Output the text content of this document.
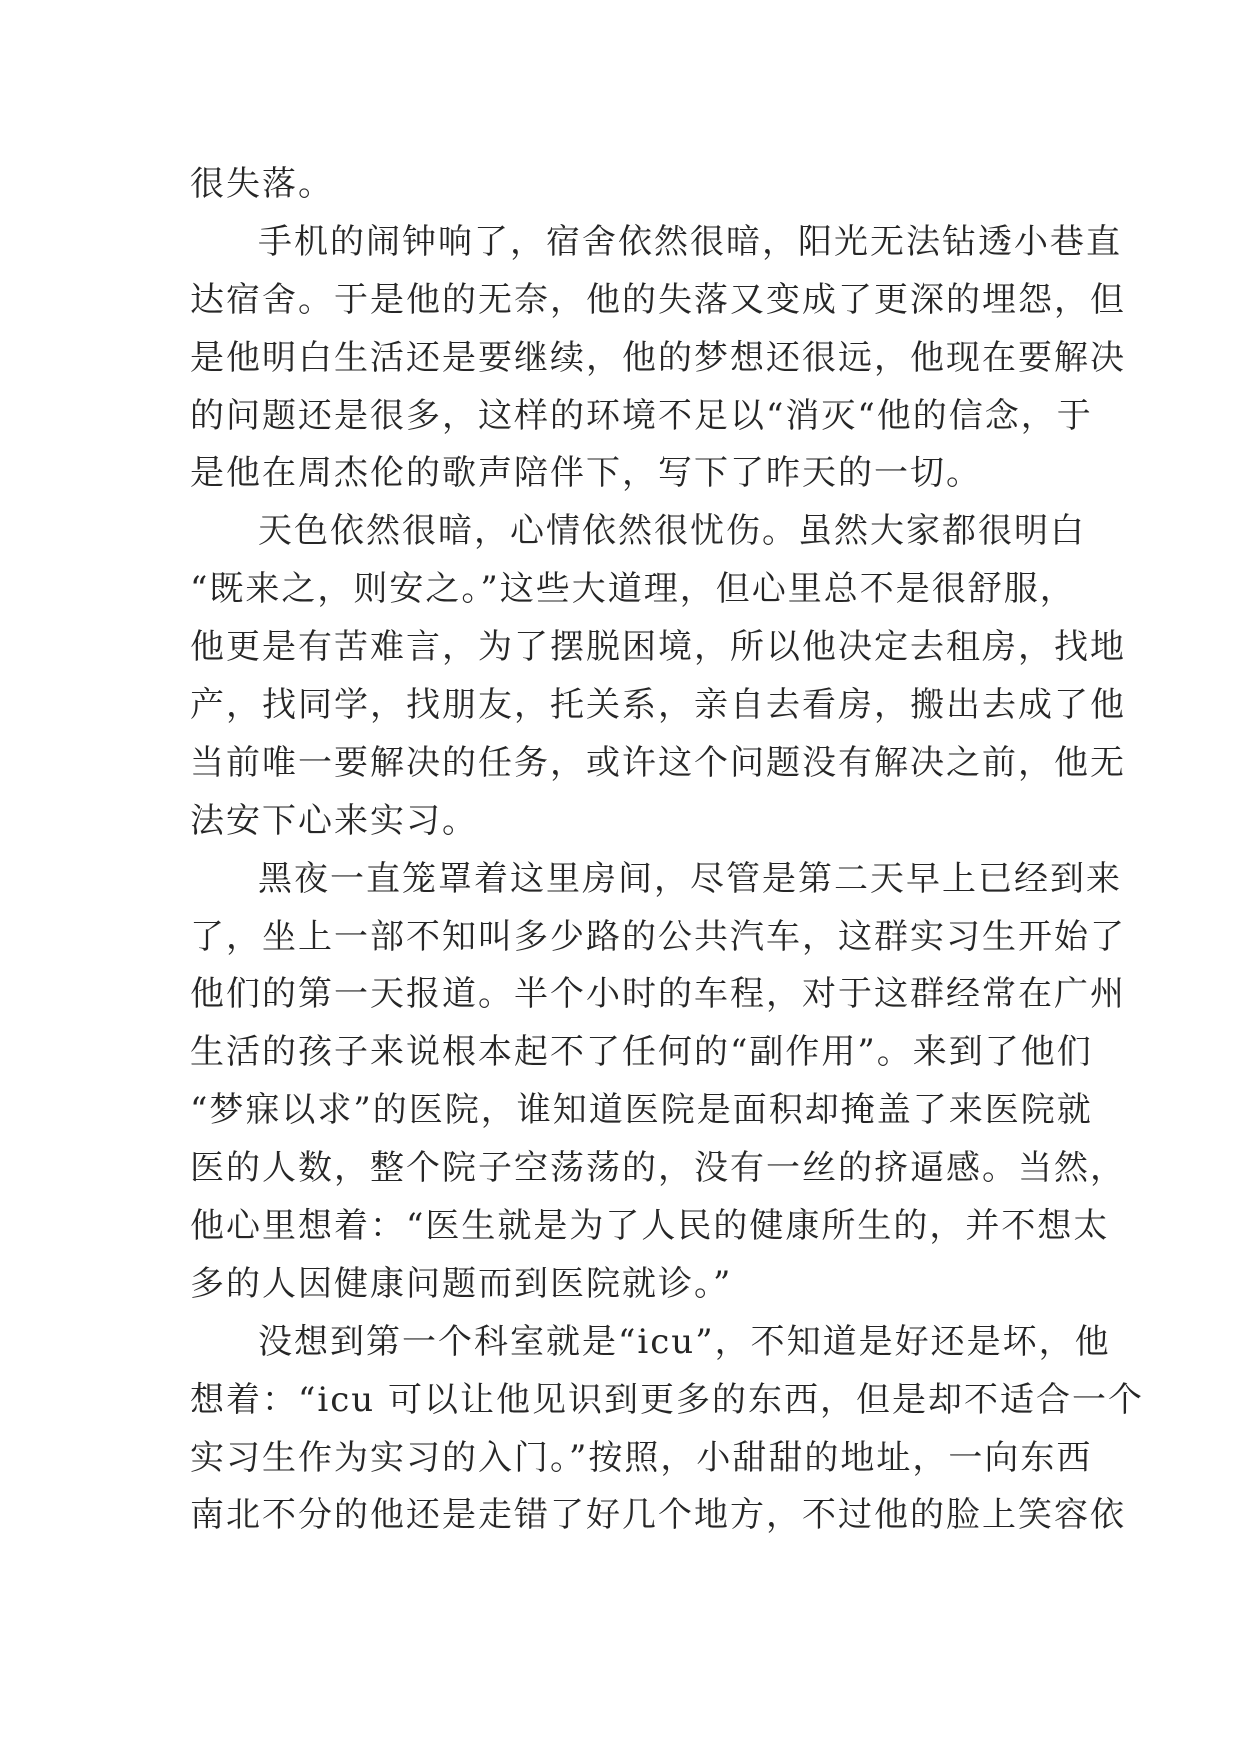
很失落。
手机的闹钟响了，宿舍依然很暗，阳光无法钻透小巷直
达宿舍。于是他的无奈，他的失落又变成了更深的埋怨，但
是他明白生活还是要继续，他的梦想还很远，他现在要解决
的问题还是很多，这样的环境不足以“消灭“他的信念，于
是他在周杰伦的歌声陪伴下，写下了昨天的一切。
天色依然很暗，心情依然很忧伤。虽然大家都很明白
“既来之，则安之。”这些大道理，但心里总不是很舒服，
他更是有苦难言，为了摆脱困境，所以他决定去租房，找地
产，找同学，找朋友，托关系，亲自去看房，搬出去成了他
当前唯一要解决的任务，或许这个问题没有解决之前，他无
法安下心来实习。
黑夜一直笼罩着这里房间，尽管是第二天早上已经到来
了，坐上一部不知叫多少路的公共汽车，这群实习生开始了
他们的第一天报道。半个小时的车程，对于这群经常在广州
生活的孩子来说根本起不了任何的“副作用”。来到了他们
“梦寐以求”的医院，谁知道医院是面积却掩盖了来医院就
医的人数，整个院子空荡荡的，没有一丝的挤逼感。当然，
他心里想着：“医生就是为了人民的健康所生的，并不想太
多的人因健康问题而到医院就诊。”
没想到第一个科室就是“icu”，不知道是好还是坏，他
想着：“icu 可以让他见识到更多的东西，但是却不适合一个
实习生作为实习的入门。”按照，小甜甜的地址，一向东西
南北不分的他还是走错了好几个地方，不过他的脸上笑容依
